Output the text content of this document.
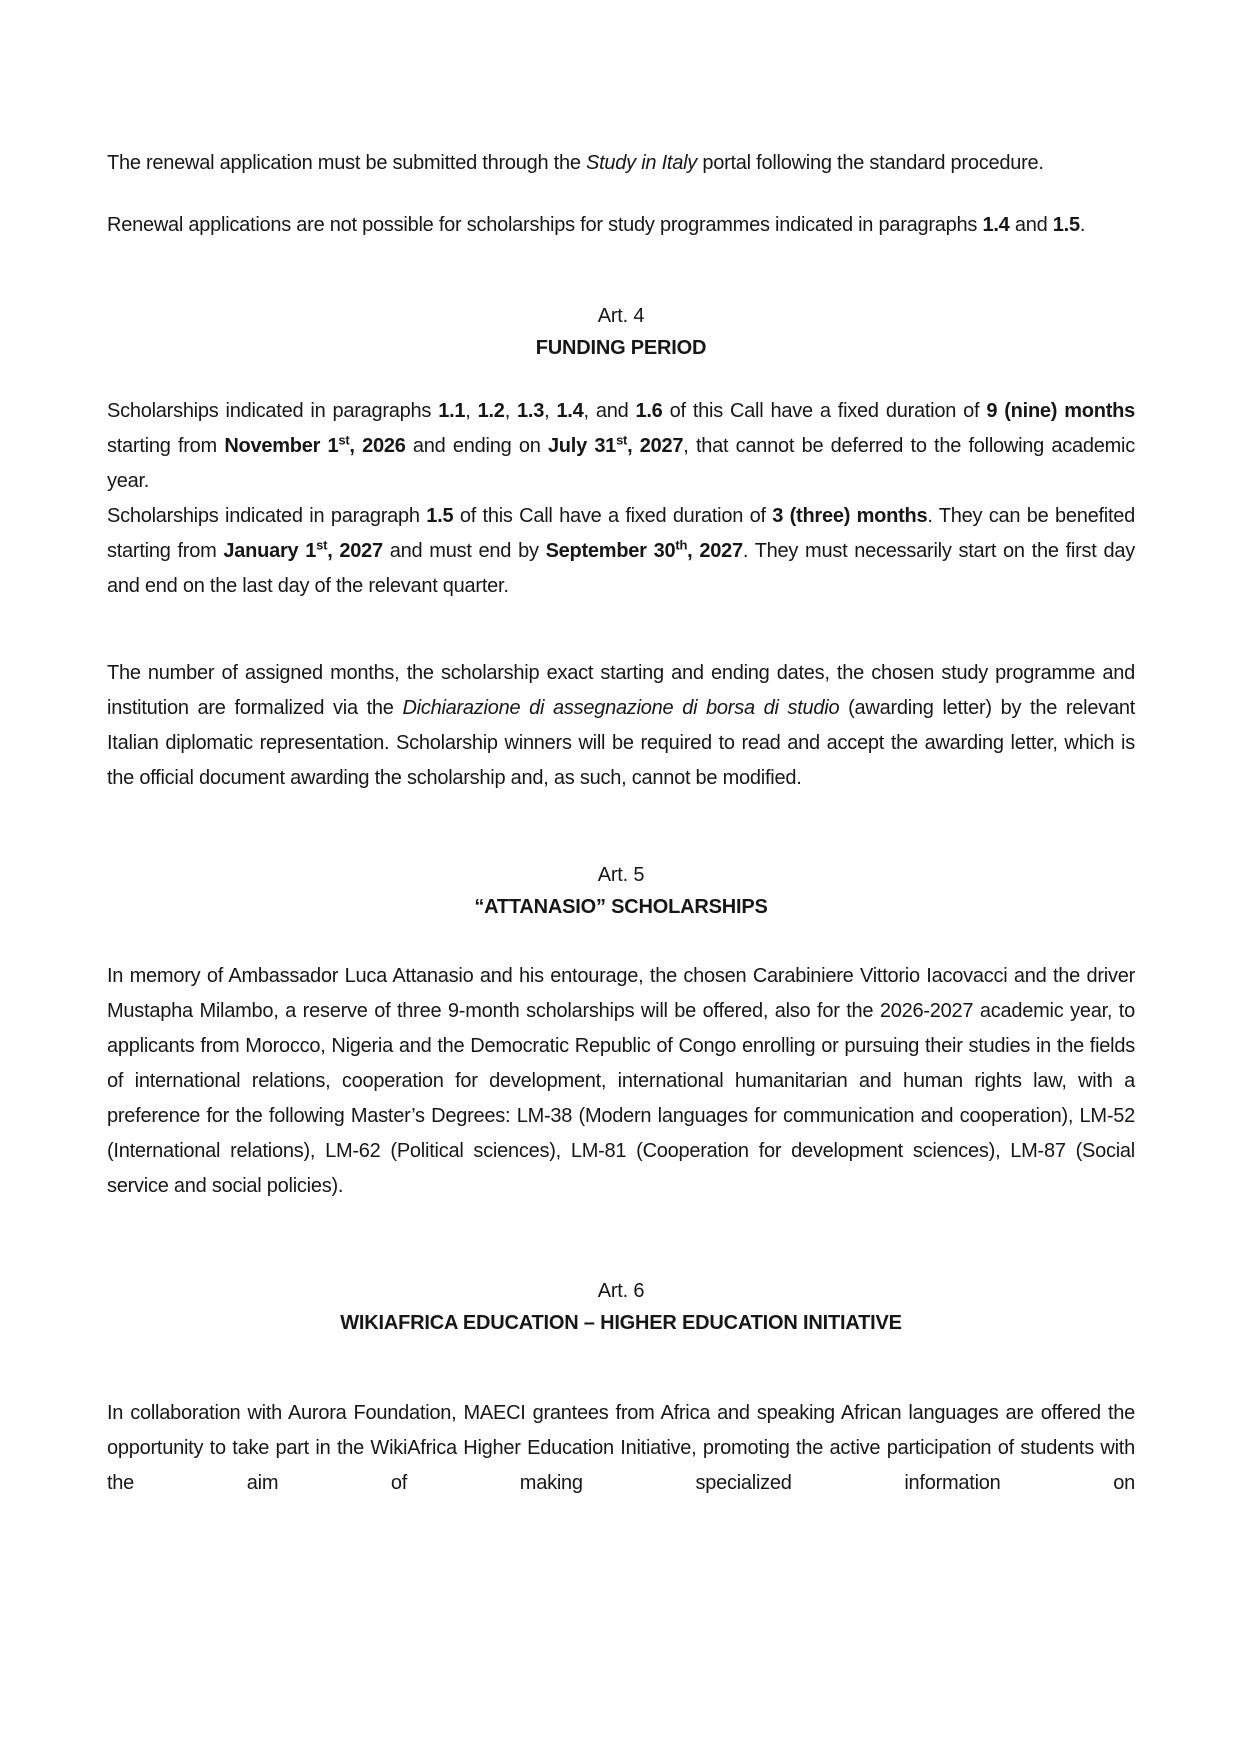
The renewal application must be submitted through the Study in Italy portal following the standard procedure.

Renewal applications are not possible for scholarships for study programmes indicated in paragraphs 1.4 and 1.5.

Art. 4
FUNDING PERIOD

Scholarships indicated in paragraphs 1.1, 1.2, 1.3, 1.4, and 1.6 of this Call have a fixed duration of 9 (nine) months starting from November 1st, 2026 and ending on July 31st, 2027, that cannot be deferred to the following academic year.

Scholarships indicated in paragraph 1.5 of this Call have a fixed duration of 3 (three) months. They can be benefited starting from January 1st, 2027 and must end by September 30th, 2027. They must necessarily start on the first day and end on the last day of the relevant quarter.

The number of assigned months, the scholarship exact starting and ending dates, the chosen study programme and institution are formalized via the Dichiarazione di assegnazione di borsa di studio (awarding letter) by the relevant Italian diplomatic representation. Scholarship winners will be required to read and accept the awarding letter, which is the official document awarding the scholarship and, as such, cannot be modified.

Art. 5
“ATTANASIO” SCHOLARSHIPS

In memory of Ambassador Luca Attanasio and his entourage, the chosen Carabiniere Vittorio Iacovacci and the driver Mustapha Milambo, a reserve of three 9-month scholarships will be offered, also for the 2026-2027 academic year, to applicants from Morocco, Nigeria and the Democratic Republic of Congo enrolling or pursuing their studies in the fields of international relations, cooperation for development, international humanitarian and human rights law, with a preference for the following Master’s Degrees: LM-38 (Modern languages for communication and cooperation), LM-52 (International relations), LM-62 (Political sciences), LM-81 (Cooperation for development sciences), LM-87 (Social service and social policies).

Art. 6
WIKIAFRICA EDUCATION – HIGHER EDUCATION INITIATIVE

In collaboration with Aurora Foundation, MAECI grantees from Africa and speaking African languages are offered the opportunity to take part in the WikiAfrica Higher Education Initiative, promoting the active participation of students with the aim of making specialized information on
